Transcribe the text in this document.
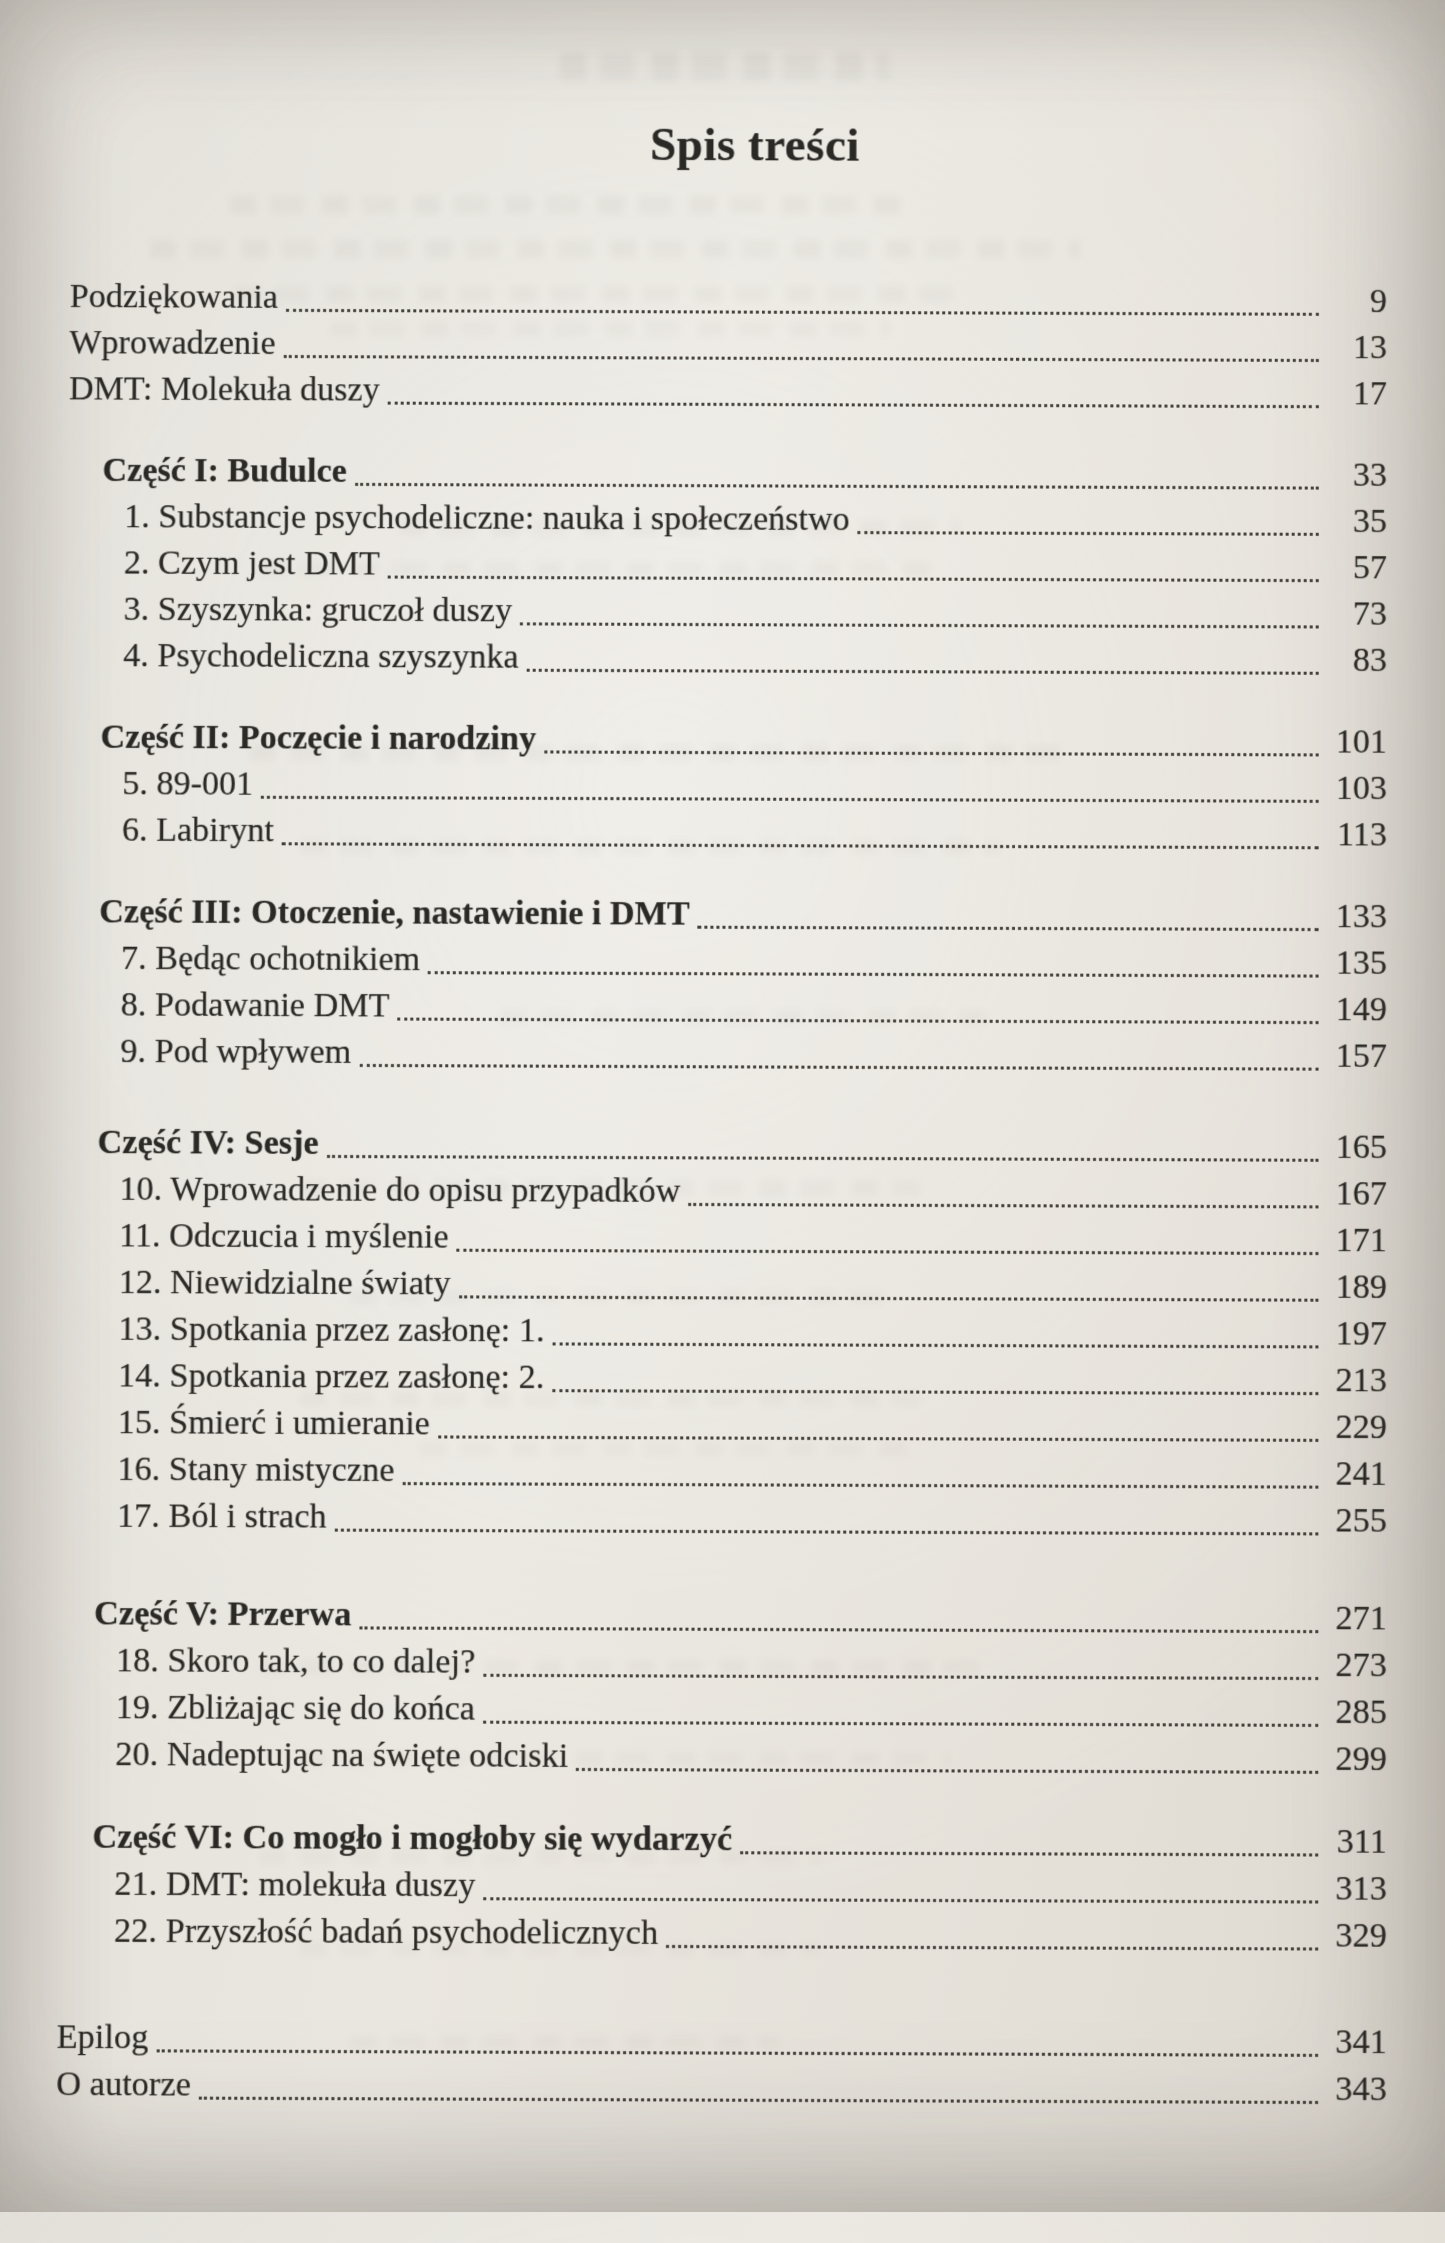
Spis treści
Podziękowania	9
Wprowadzenie	13
DMT: Molekuła duszy	17
Część I: Budulce	33
1. Substancje psychodeliczne: nauka i społeczeństwo	35
2. Czym jest DMT	57
3. Szyszynka: gruczoł duszy	73
4. Psychodeliczna szyszynka	83
Część II: Poczęcie i narodziny	101
5. 89-001	103
6. Labirynt	113
Część III: Otoczenie, nastawienie i DMT	133
7. Będąc ochotnikiem	135
8. Podawanie DMT	149
9. Pod wpływem	157
Część IV: Sesje	165
10. Wprowadzenie do opisu przypadków	167
11. Odczucia i myślenie	171
12. Niewidzialne światy	189
13. Spotkania przez zasłonę: 1.	197
14. Spotkania przez zasłonę: 2.	213
15. Śmierć i umieranie	229
16. Stany mistyczne	241
17. Ból i strach	255
Część V: Przerwa	271
18. Skoro tak, to co dalej?	273
19. Zbliżając się do końca	285
20. Nadeptując na święte odciski	299
Część VI: Co mogło i mogłoby się wydarzyć	311
21. DMT: molekuła duszy	313
22. Przyszłość badań psychodelicznych	329
Epilog	341
O autorze	343
